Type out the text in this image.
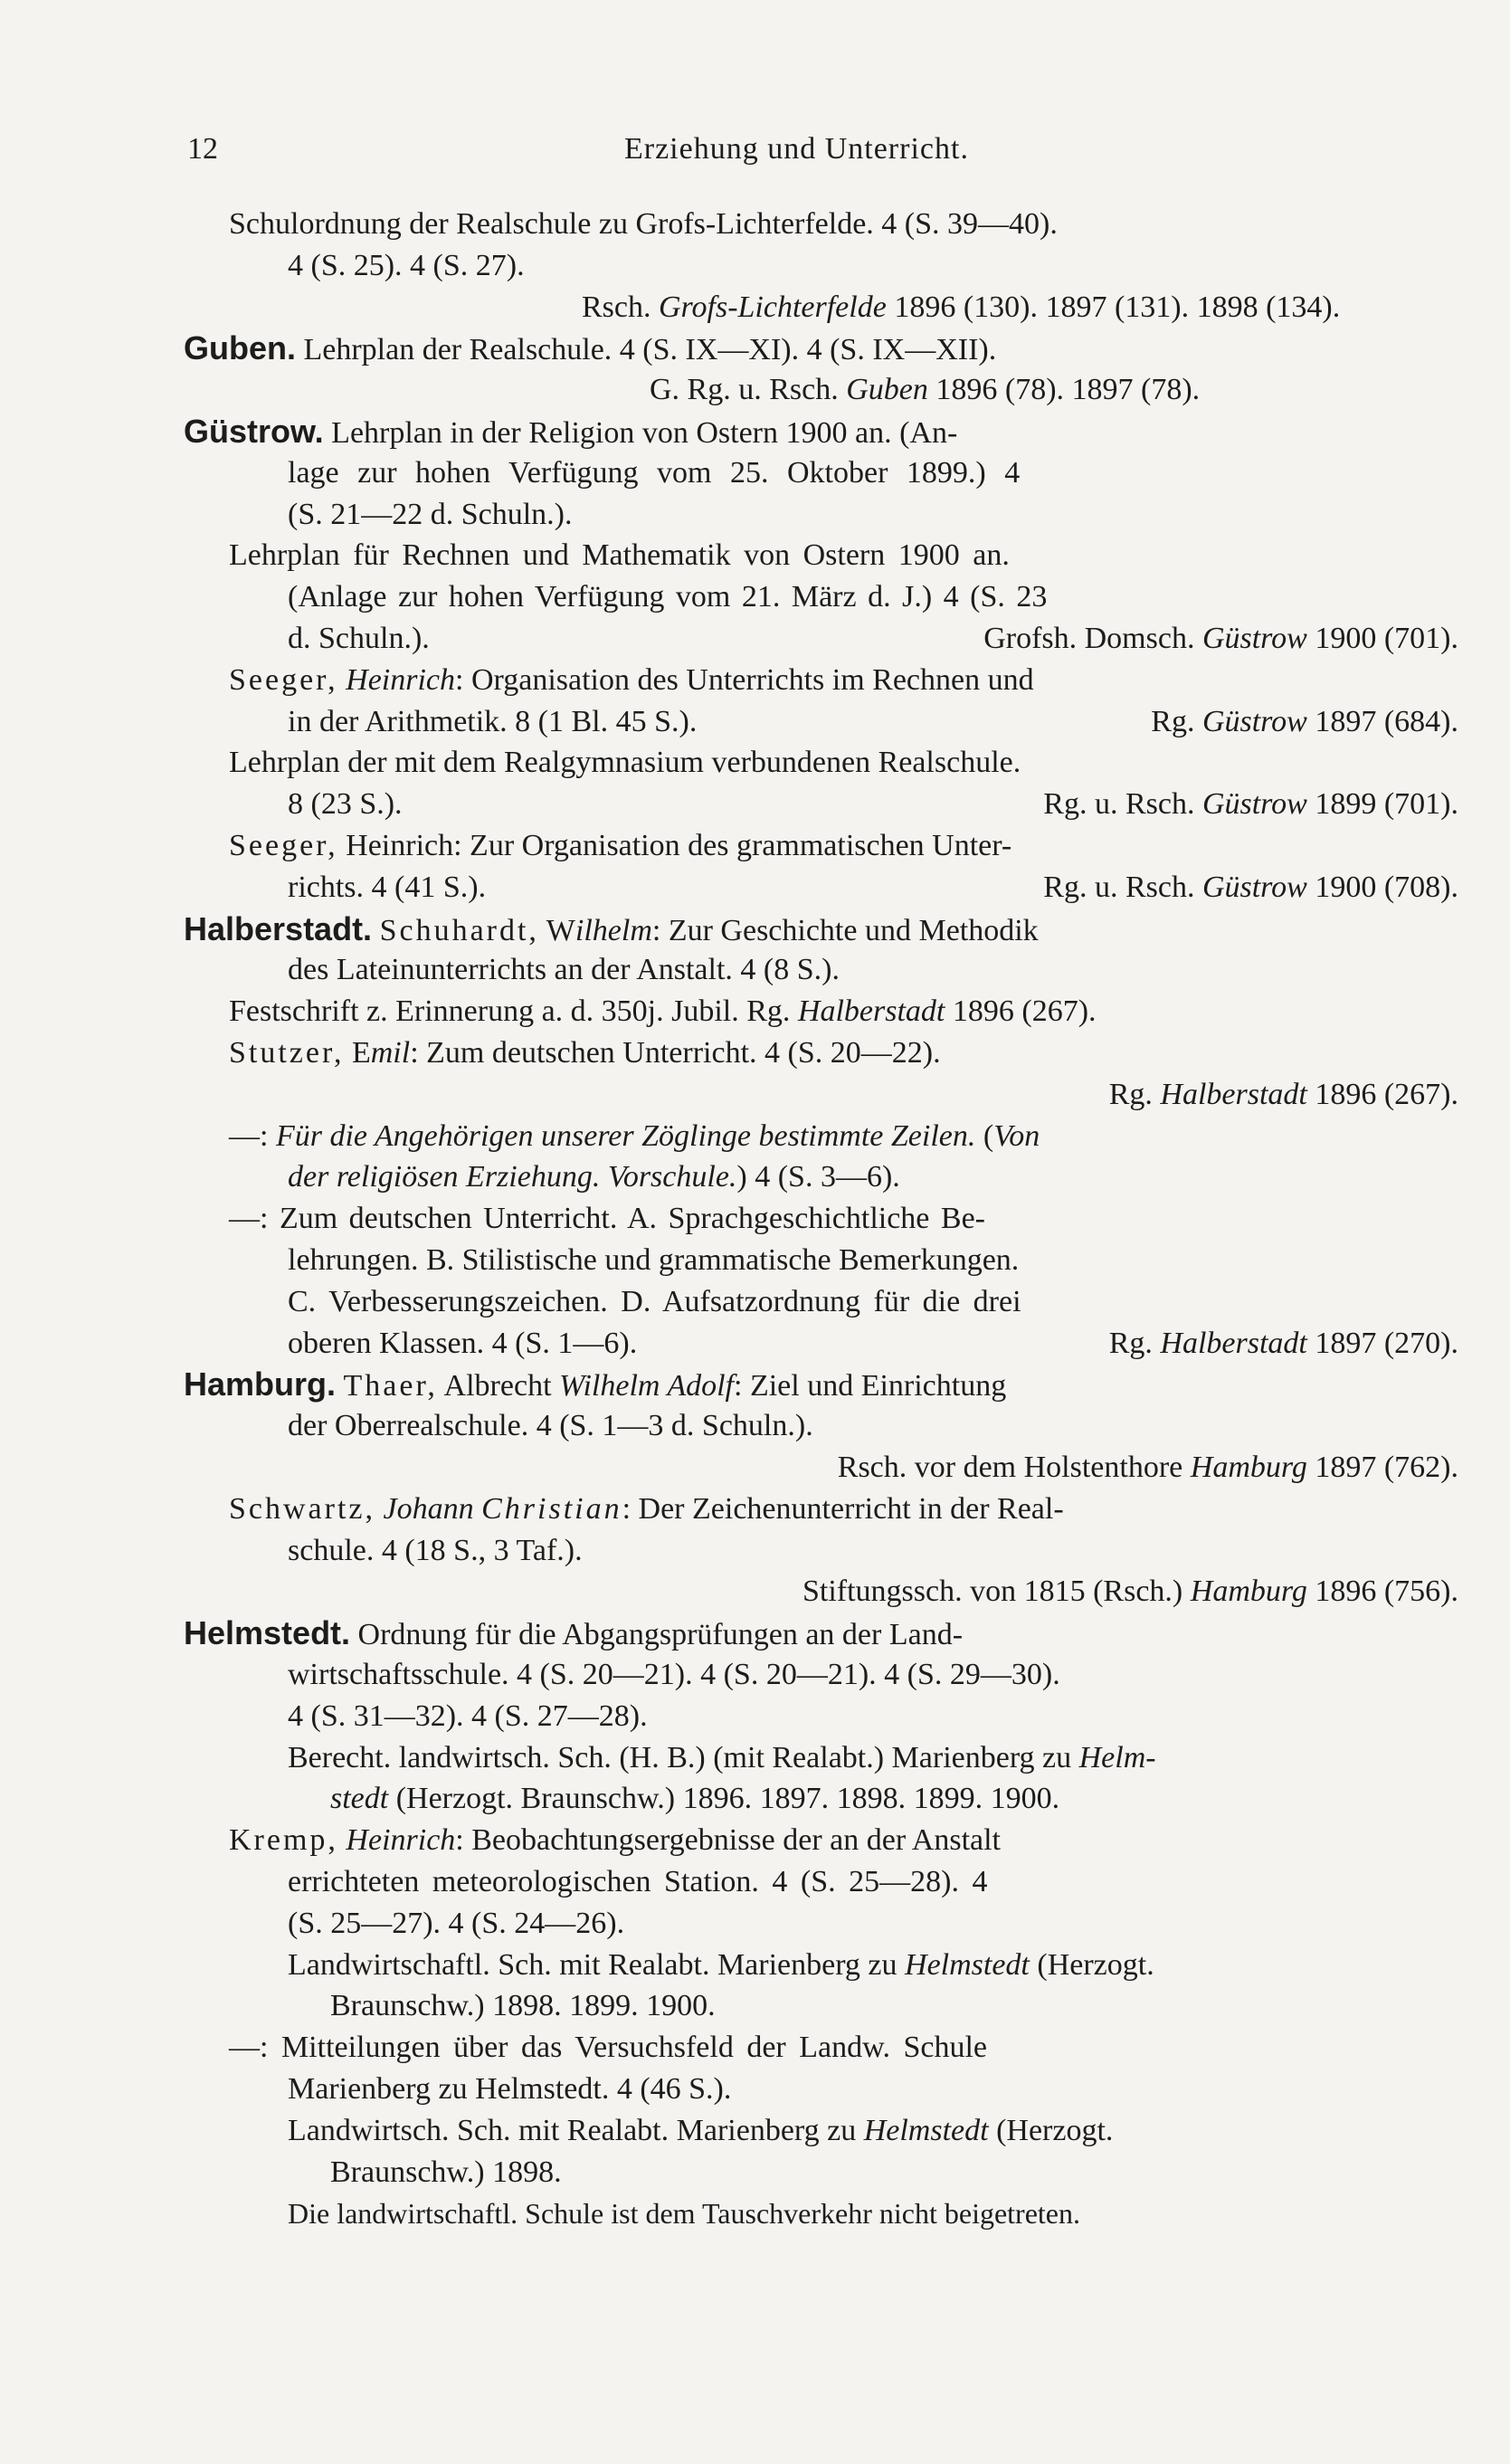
12	Erziehung und Unterricht.
Schulordnung der Realschule zu Grofs-Lichterfelde. 4 (S. 39—40).
4 (S. 25). 4 (S. 27).
Rsch. Grofs-Lichterfelde 1896 (130). 1897 (131). 1898 (134).
Guben. Lehrplan der Realschule. 4 (S. IX—XI). 4 (S. IX—XII).
G. Rg. u. Rsch. Guben 1896 (78). 1897 (78).
Güstrow. Lehrplan in der Religion von Ostern 1900 an. (An-
lage zur hohen Verfügung vom 25. Oktober 1899.) 4
(S. 21—22 d. Schuln.).
Lehrplan für Rechnen und Mathematik von Ostern 1900 an.
(Anlage zur hohen Verfügung vom 21. März d. J.) 4 (S. 23
d. Schuln.).	Grofsh. Domsch. Güstrow 1900 (701).
Seeger, Heinrich: Organisation des Unterrichts im Rechnen und
in der Arithmetik. 8 (1 Bl. 45 S.).	Rg. Güstrow 1897 (684).
Lehrplan der mit dem Realgymnasium verbundenen Realschule.
8 (23 S.).	Rg. u. Rsch. Güstrow 1899 (701).
Seeger, Heinrich: Zur Organisation des grammatischen Unter-
richts. 4 (41 S.).	Rg. u. Rsch. Güstrow 1900 (708).
Halberstadt. Schuhardt, Wilhelm: Zur Geschichte und Methodik
des Lateinunterrichts an der Anstalt. 4 (8 S.).
Festschrift z. Erinnerung a. d. 350j. Jubil. Rg. Halberstadt 1896 (267).
Stutzer, Emil: Zum deutschen Unterricht. 4 (S. 20—22).
Rg. Halberstadt 1896 (267).
—: Für die Angehörigen unserer Zöglinge bestimmte Zeilen. (Von
der religiösen Erziehung. Vorschule.) 4 (S. 3—6).
—: Zum deutschen Unterricht. A. Sprachgeschichtliche Be-
lehrungen. B. Stilistische und grammatische Bemerkungen.
C. Verbesserungszeichen. D. Aufsatzordnung für die drei
oberen Klassen. 4 (S. 1—6).	Rg. Halberstadt 1897 (270).
Hamburg. Thaer, Albrecht Wilhelm Adolf: Ziel und Einrichtung
der Oberrealschule. 4 (S. 1—3 d. Schuln.).
Rsch. vor dem Holstenthore Hamburg 1897 (762).
Schwartz, Johann Christian: Der Zeichenunterricht in der Real-
schule. 4 (18 S., 3 Taf.).
Stiftungssch. von 1815 (Rsch.) Hamburg 1896 (756).
Helmstedt. Ordnung für die Abgangsprüfungen an der Land-
wirtschaftsschule. 4 (S. 20—21). 4 (S. 20—21). 4 (S. 29—30).
4 (S. 31—32). 4 (S. 27—28).
Berecht. landwirtsch. Sch. (H. B.) (mit Realabt.) Marienberg zu Helm-
stedt (Herzogt. Braunschw.) 1896. 1897. 1898. 1899. 1900.
Kremp, Heinrich: Beobachtungsergebnisse der an der Anstalt
errichteten meteorologischen Station. 4 (S. 25—28). 4
(S. 25—27). 4 (S. 24—26).
Landwirtschaftl. Sch. mit Realabt. Marienberg zu Helmstedt (Herzogt.
Braunschw.) 1898. 1899. 1900.
—: Mitteilungen über das Versuchsfeld der Landw. Schule
Marienberg zu Helmstedt. 4 (46 S.).
Landwirtsch. Sch. mit Realabt. Marienberg zu Helmstedt (Herzogt.
Braunschw.) 1898.
Die landwirtschaftl. Schule ist dem Tauschverkehr nicht beigetreten.
